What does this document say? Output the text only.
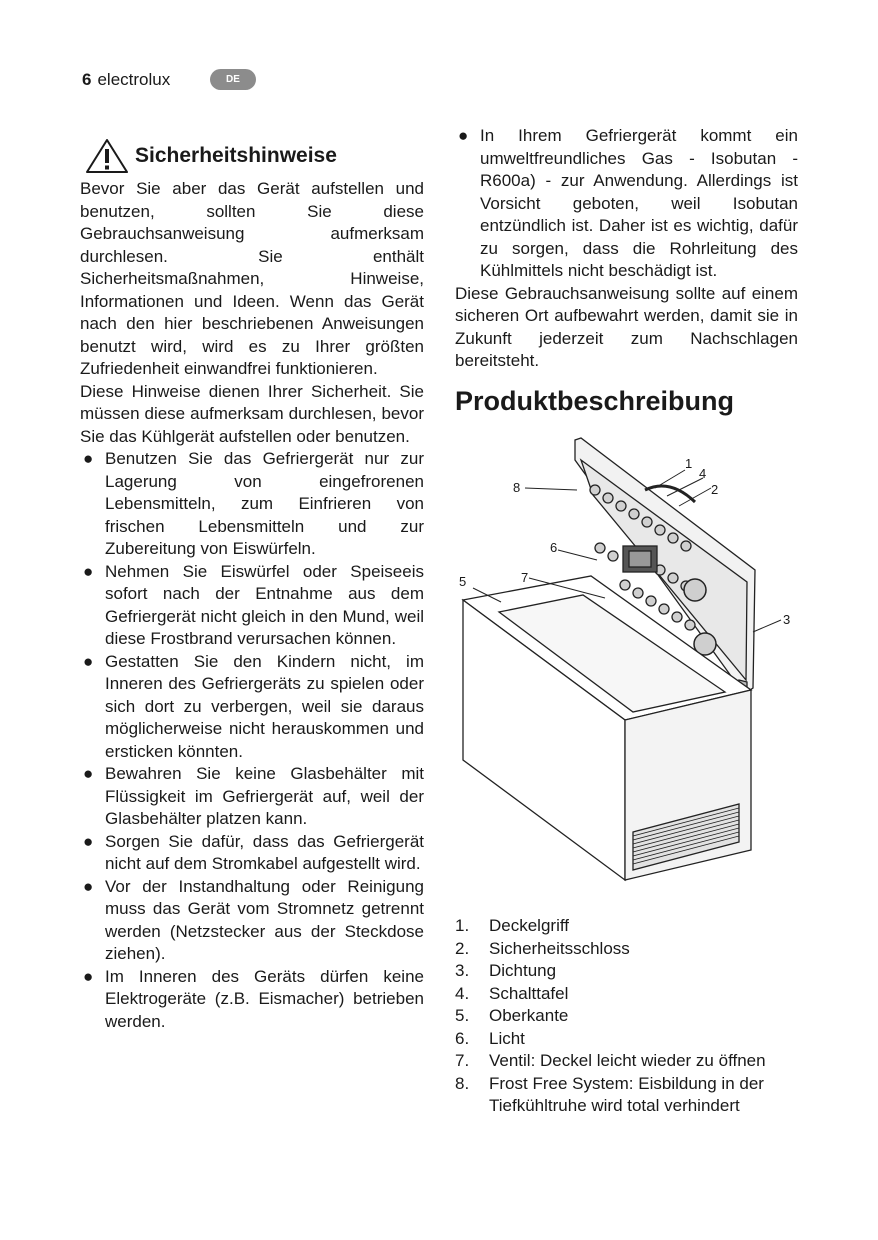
6 electrolux	DE
Sicherheitshinweise

Bevor Sie aber das Gerät aufstellen und benutzen, sollten Sie diese Gebrauchsanweisung aufmerksam durchlesen. Sie enthält Sicherheitsmaßnahmen, Hinweise, Informationen und Ideen. Wenn das Gerät nach den hier beschriebenen Anweisungen benutzt wird, wird es zu Ihrer größten Zufriedenheit einwandfrei funktionieren.

Diese Hinweise dienen Ihrer Sicherheit. Sie müssen diese aufmerksam durchlesen, bevor Sie das Kühlgerät aufstellen oder benutzen.

● Benutzen Sie das Gefriergerät nur zur Lagerung von eingefrorenen Lebensmitteln, zum Einfrieren von frischen Lebensmitteln und zur Zubereitung von Eiswürfeln.
● Nehmen Sie Eiswürfel oder Speiseeis sofort nach der Entnahme aus dem Gefriergerät nicht gleich in den Mund, weil diese Frostbrand verursachen können.
● Gestatten Sie den Kindern nicht, im Inneren des Gefriergeräts zu spielen oder sich dort zu verbergen, weil sie daraus möglicherweise nicht herauskommen und ersticken könnten.
● Bewahren Sie keine Glasbehälter mit Flüssigkeit im Gefriergerät auf, weil der Glasbehälter platzen kann.
● Sorgen Sie dafür, dass das Gefriergerät nicht auf dem Stromkabel aufgestellt wird.
● Vor der Instandhaltung oder Reinigung muss das Gerät vom Stromnetz getrennt werden (Netzstecker aus der Steckdose ziehen).
● Im Inneren des Geräts dürfen keine Elektrogeräte (z.B. Eismacher) betrieben werden.
● In Ihrem Gefriergerät kommt ein umweltfreundliches Gas - Isobutan - R600a) - zur Anwendung. Allerdings ist Vorsicht geboten, weil Isobutan entzündlich ist. Daher ist es wichtig, dafür zu sorgen, dass die Rohrleitung des Kühlmittels nicht beschädigt ist.

Diese Gebrauchsanweisung sollte auf einem sicheren Ort aufbewahrt werden, damit sie in Zukunft jederzeit zum Nachschlagen bereitsteht.

Produktbeschreibung
1
2
3
4
5
6
7
8
1. Deckelgriff
2. Sicherheitsschloss
3. Dichtung
4. Schalttafel
5. Oberkante
6. Licht
7. Ventil: Deckel leicht wieder zu öffnen
8. Frost Free System: Eisbildung in der Tiefkühltruhe wird total verhindert
